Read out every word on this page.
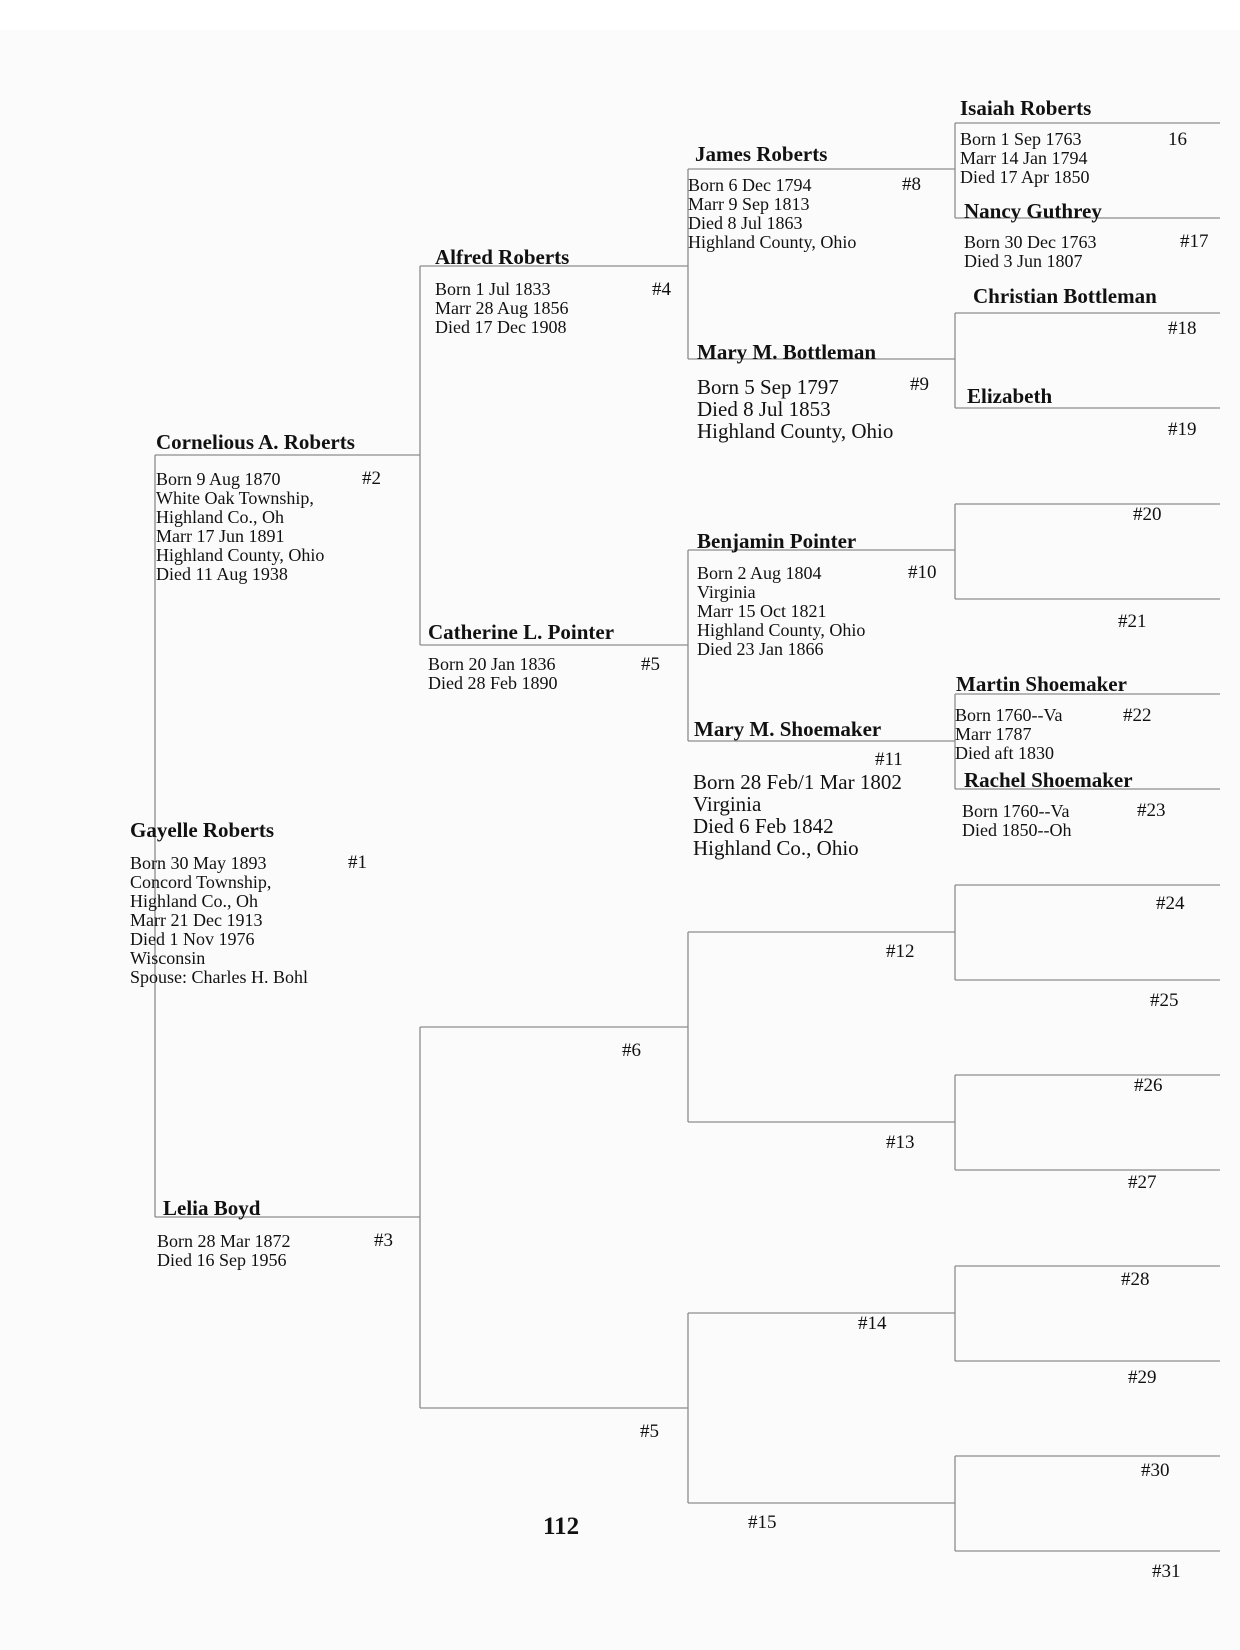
Gayelle Roberts
#1
Born 30 May 1893
Concord Township,
Highland Co., Oh
Marr 21 Dec 1913
Died 1 Nov 1976
Wisconsin
Spouse: Charles H. Bohl
Cornelious A. Roberts
#2
Born 9 Aug 1870
White Oak Township,
Highland Co., Oh
Marr 17 Jun 1891
Highland County, Ohio
Died 11 Aug 1938
Lelia Boyd
#3
Born 28 Mar 1872
Died 16 Sep 1956
Alfred Roberts
#4
Born 1 Jul 1833
Marr 28 Aug 1856
Died 17 Dec 1908
Catherine L. Pointer
#5
Born 20 Jan 1836
Died 28 Feb 1890
#6
#5
James Roberts
#8
Born 6 Dec 1794
Marr 9 Sep 1813
Died 8 Jul 1863
Highland County, Ohio
Mary M. Bottleman
#9
Born 5 Sep 1797
Died 8 Jul 1853
Highland County, Ohio
Benjamin Pointer
#10
Born 2 Aug 1804
Virginia
Marr 15 Oct 1821
Highland County, Ohio
Died 23 Jan 1866
Mary M. Shoemaker
#11
Born 28 Feb/1 Mar 1802
Virginia
Died 6 Feb 1842
Highland Co., Ohio
#12
#13
#14
#15
Isaiah Roberts
16
Born 1 Sep 1763
Marr 14 Jan 1794
Died 17 Apr 1850
Nancy Guthrey
#17
Born 30 Dec 1763
Died 3 Jun 1807
Christian Bottleman
#18
Elizabeth
#19
#20
#21
Martin Shoemaker
#22
Born 1760--Va
Marr 1787
Died aft 1830
Rachel Shoemaker
#23
Born 1760--Va
Died 1850--Oh
#24
#25
#26
#27
#28
#29
#30
#31
112
